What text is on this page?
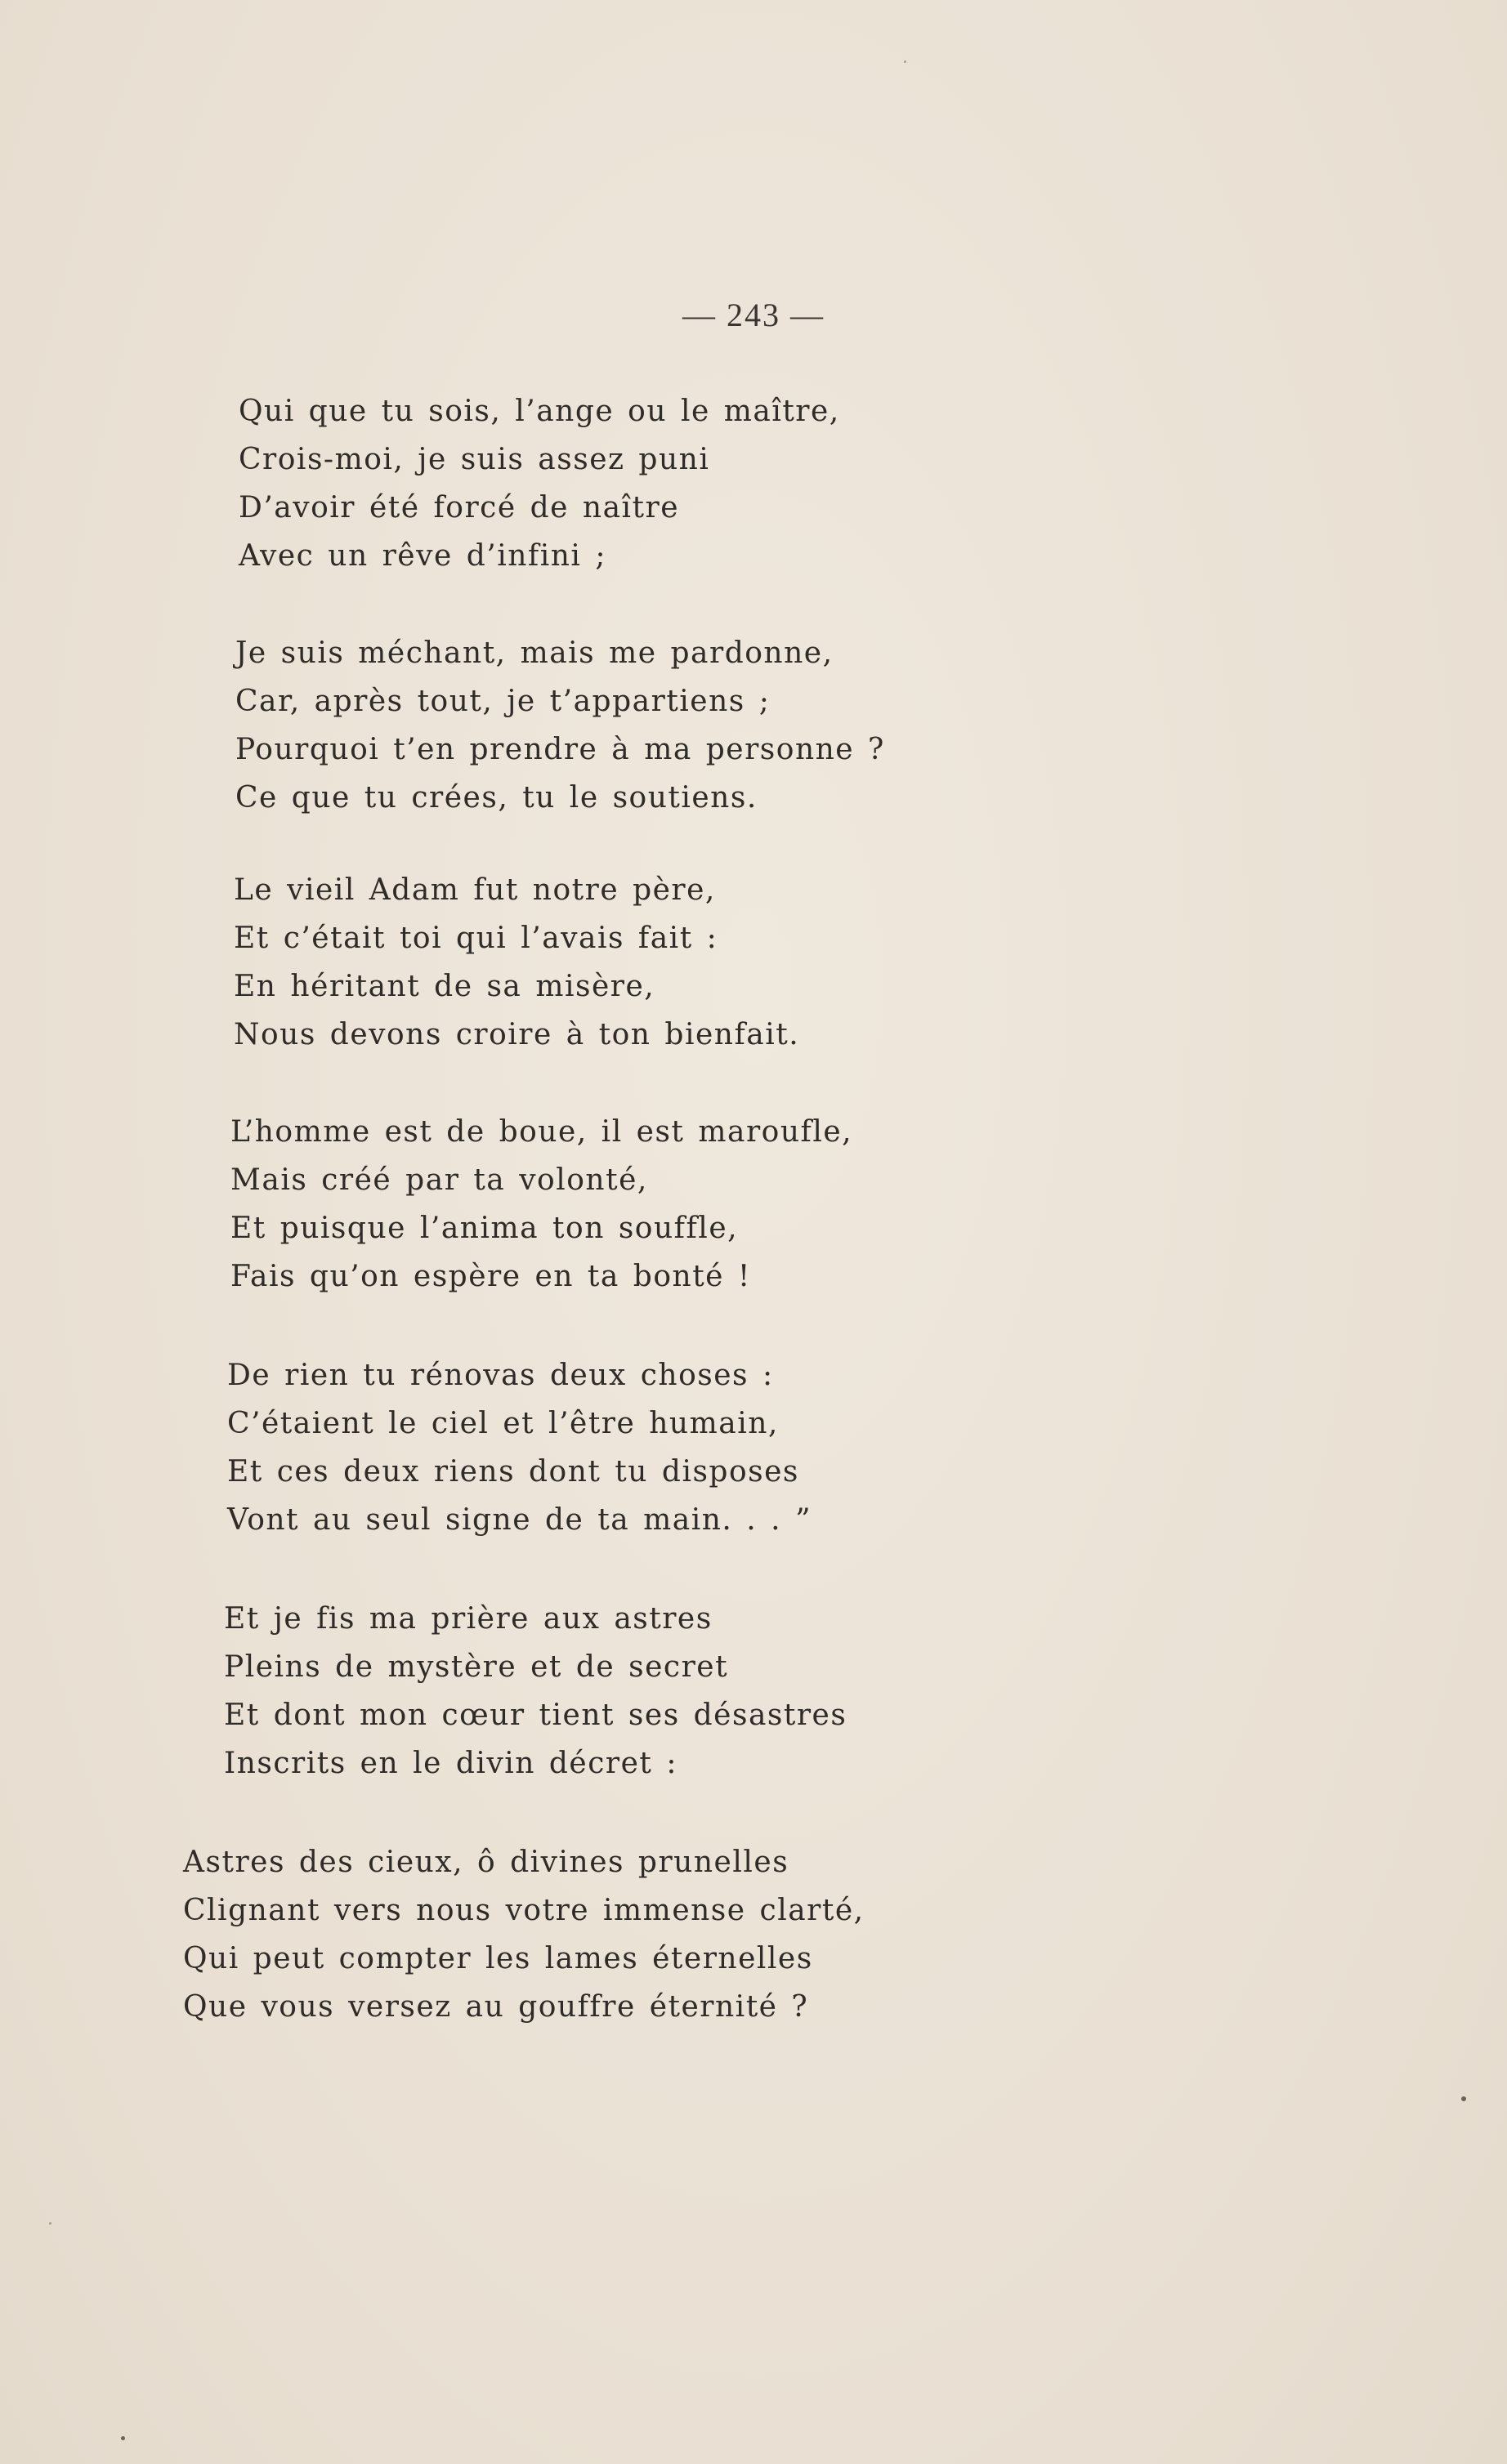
— 243 —
Qui que tu sois, l’ange ou le maître,
Crois-moi, je suis assez puni
D’avoir été forcé de naître
Avec un rêve d’infini ;
Je suis méchant, mais me pardonne,
Car, après tout, je t’appartiens ;
Pourquoi t’en prendre à ma personne ?
Ce que tu crées, tu le soutiens.
Le vieil Adam fut notre père,
Et c’était toi qui l’avais fait :
En héritant de sa misère,
Nous devons croire à ton bienfait.
L’homme est de boue, il est maroufle,
Mais créé par ta volonté,
Et puisque l’anima ton souffle,
Fais qu’on espère en ta bonté !
De rien tu rénovas deux choses :
C’étaient le ciel et l’être humain,
Et ces deux riens dont tu disposes
Vont au seul signe de ta main. . . ”
Et je fis ma prière aux astres
Pleins de mystère et de secret
Et dont mon cœur tient ses désastres
Inscrits en le divin décret :
Astres des cieux, ô divines prunelles
Clignant vers nous votre immense clarté,
Qui peut compter les lames éternelles
Que vous versez au gouffre éternité ?
